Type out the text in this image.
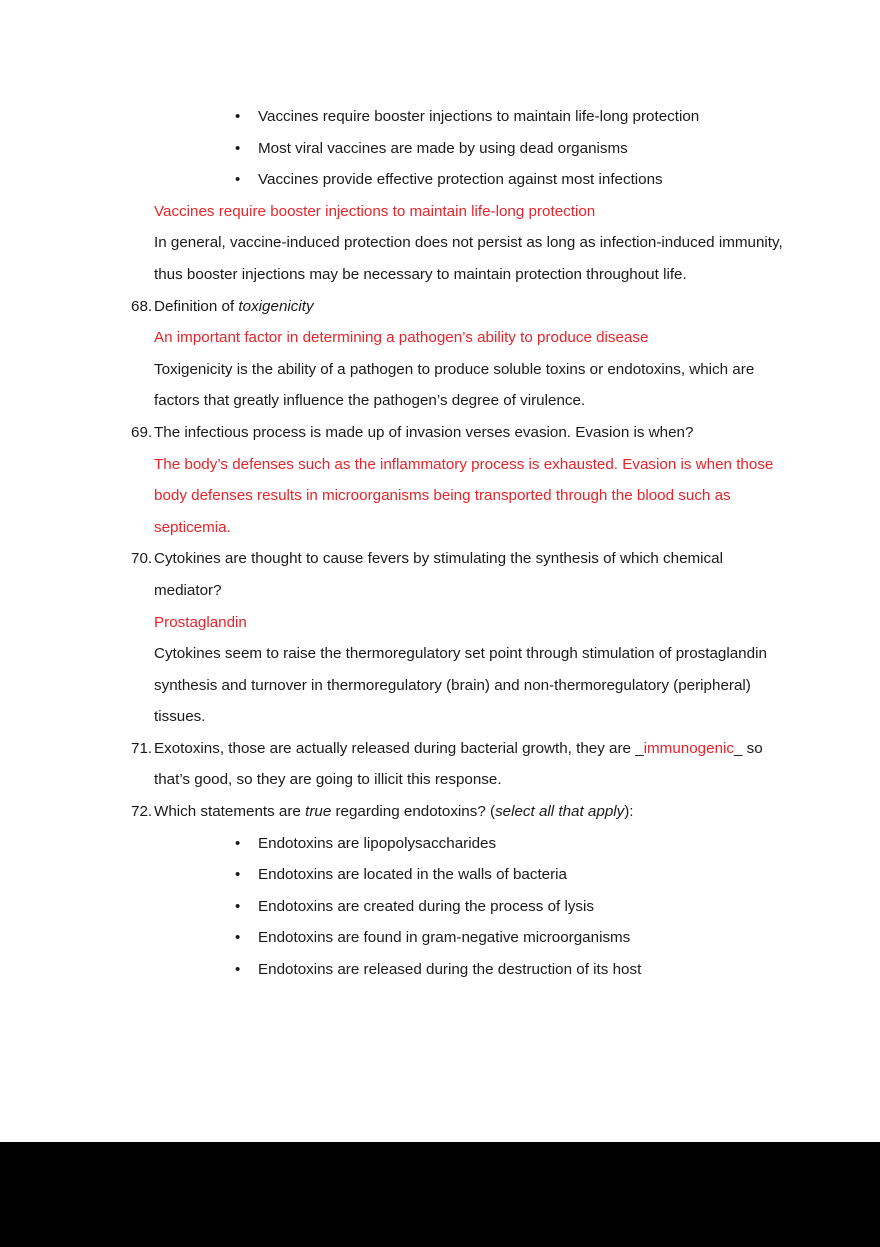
•	Vaccines require booster injections to maintain life-long protection
•	Most viral vaccines are made by using dead organisms
•	Vaccines provide effective protection against most infections
Vaccines require booster injections to maintain life-long protection
In general, vaccine-induced protection does not persist as long as infection-induced immunity, thus booster injections may be necessary to maintain protection throughout life.
68. Definition of toxigenicity
An important factor in determining a pathogen’s ability to produce disease
Toxigenicity is the ability of a pathogen to produce soluble toxins or endotoxins, which are factors that greatly influence the pathogen’s degree of virulence.
69. The infectious process is made up of invasion verses evasion. Evasion is when?
The body’s defenses such as the inflammatory process is exhausted. Evasion is when those body defenses results in microorganisms being transported through the blood such as septicemia.
70. Cytokines are thought to cause fevers by stimulating the synthesis of which chemical mediator?
Prostaglandin
Cytokines seem to raise the thermoregulatory set point through stimulation of prostaglandin synthesis and turnover in thermoregulatory (brain) and non-thermoregulatory (peripheral) tissues.
71. Exotoxins, those are actually released during bacterial growth, they are _immunogenic_ so that’s good, so they are going to illicit this response.
72. Which statements are true regarding endotoxins? (select all that apply):
•	Endotoxins are lipopolysaccharides
•	Endotoxins are located in the walls of bacteria
•	Endotoxins are created during the process of lysis
•	Endotoxins are found in gram-negative microorganisms
•	Endotoxins are released during the destruction of its host
